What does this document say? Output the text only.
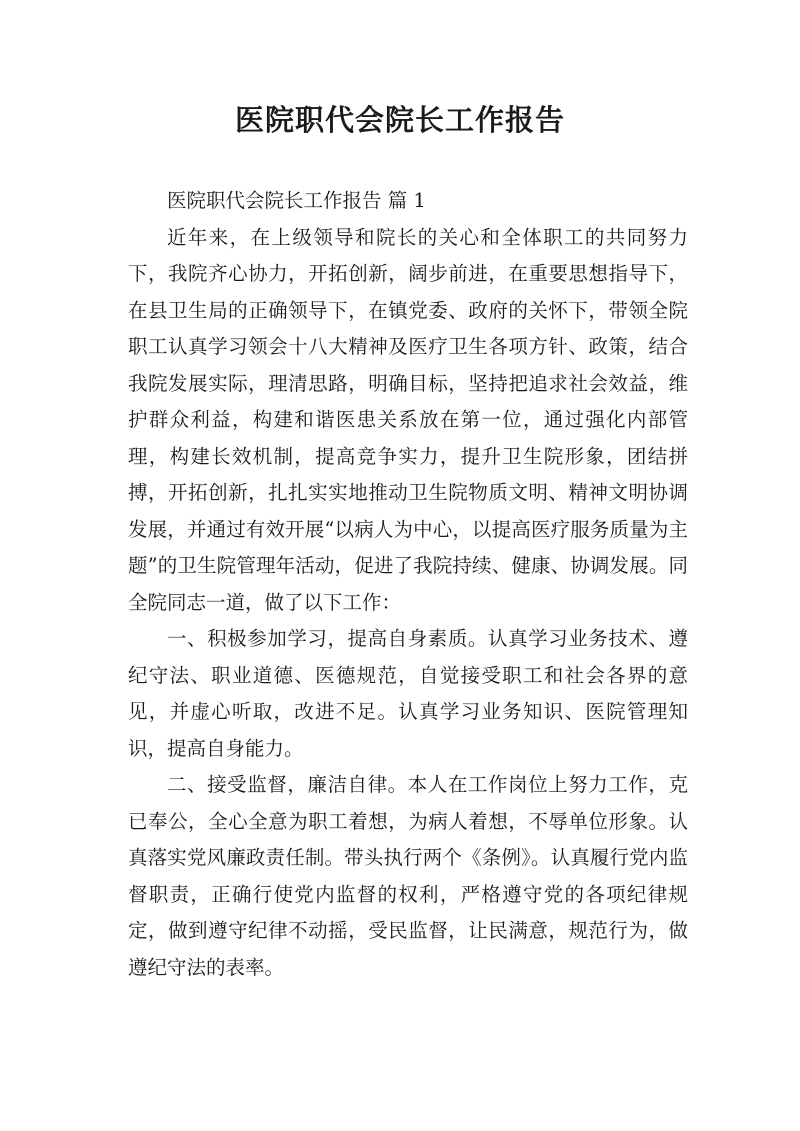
医院职代会院长工作报告

医院职代会院长工作报告 篇 1

近年来，在上级领导和院长的关心和全体职工的共同努力下，我院齐心协力，开拓创新，阔步前进，在重要思想指导下，在县卫生局的正确领导下，在镇党委、政府的关怀下，带领全院职工认真学习领会十八大精神及医疗卫生各项方针、政策，结合我院发展实际，理清思路，明确目标，坚持把追求社会效益，维护群众利益，构建和谐医患关系放在第一位，通过强化内部管理，构建长效机制，提高竞争实力，提升卫生院形象，团结拼搏，开拓创新，扎扎实实地推动卫生院物质文明、精神文明协调发展，并通过有效开展“以病人为中心，以提高医疗服务质量为主题”的卫生院管理年活动，促进了我院持续、健康、协调发展。同全院同志一道，做了以下工作：

一、积极参加学习，提高自身素质。认真学习业务技术、遵纪守法、职业道德、医德规范，自觉接受职工和社会各界的意见，并虚心听取，改进不足。认真学习业务知识、医院管理知识，提高自身能力。

二、接受监督，廉洁自律。本人在工作岗位上努力工作，克已奉公，全心全意为职工着想，为病人着想，不辱单位形象。认真落实党风廉政责任制。带头执行两个《条例》。认真履行党内监督职责，正确行使党内监督的权利，严格遵守党的各项纪律规定，做到遵守纪律不动摇，受民监督，让民满意，规范行为，做遵纪守法的表率。
